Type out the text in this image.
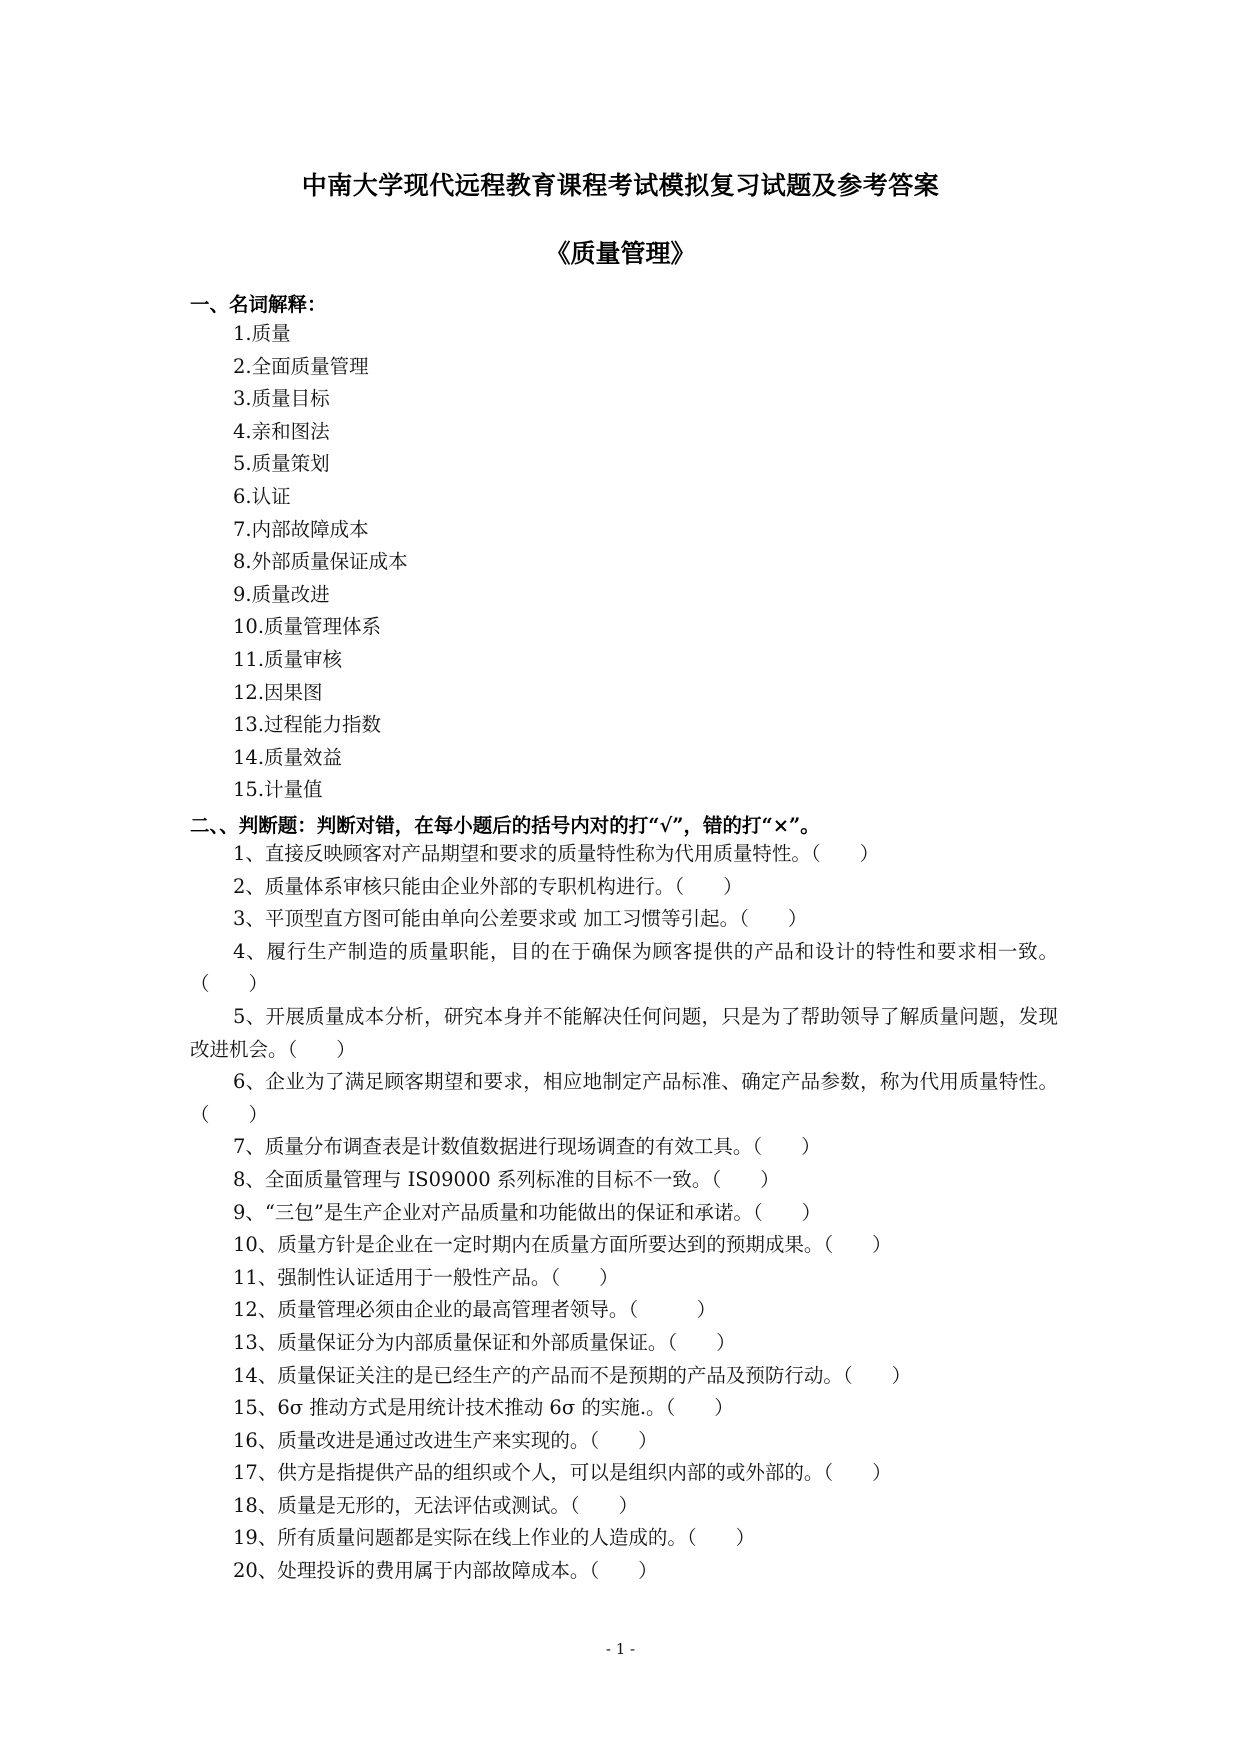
中南大学现代远程教育课程考试模拟复习试题及参考答案
《质量管理》
一、名词解释：
1.质量
2.全面质量管理
3.质量目标
4.亲和图法
5.质量策划
6.认证
7.内部故障成本
8.外部质量保证成本
9.质量改进
10.质量管理体系
11.质量审核
12.因果图
13.过程能力指数
14.质量效益
15.计量值
二、、判断题：判断对错，在每小题后的括号内对的打“√”，错的打“×”。
1、直接反映顾客对产品期望和要求的质量特性称为代用质量特性。（　　）
2、质量体系审核只能由企业外部的专职机构进行。（　　）
3、平顶型直方图可能由单向公差要求或 加工习惯等引起。（　　）
4、履行生产制造的质量职能，目的在于确保为顾客提供的产品和设计的特性和要求相一致。（　　）
5、开展质量成本分析，研究本身并不能解决任何问题，只是为了帮助领导了解质量问题，发现改进机会。（　　）
6、企业为了满足顾客期望和要求，相应地制定产品标准、确定产品参数，称为代用质量特性。（　　）
7、质量分布调查表是计数值数据进行现场调查的有效工具。（　　）
8、全面质量管理与 IS09000 系列标准的目标不一致。（　　）
9、“三包”是生产企业对产品质量和功能做出的保证和承诺。（　　）
10、质量方针是企业在一定时期内在质量方面所要达到的预期成果。（　　）
11、强制性认证适用于一般性产品。（　　）
12、质量管理必须由企业的最高管理者领导。（　　　）
13、质量保证分为内部质量保证和外部质量保证。（　　）
14、质量保证关注的是已经生产的产品而不是预期的产品及预防行动。（　　）
15、6σ 推动方式是用统计技术推动 6σ 的实施.。（　　）
16、质量改进是通过改进生产来实现的。（　　）
17、供方是指提供产品的组织或个人，可以是组织内部的或外部的。（　　）
18、质量是无形的，无法评估或测试。（　　）
19、所有质量问题都是实际在线上作业的人造成的。（　　）
20、处理投诉的费用属于内部故障成本。（　　）
- 1 -
